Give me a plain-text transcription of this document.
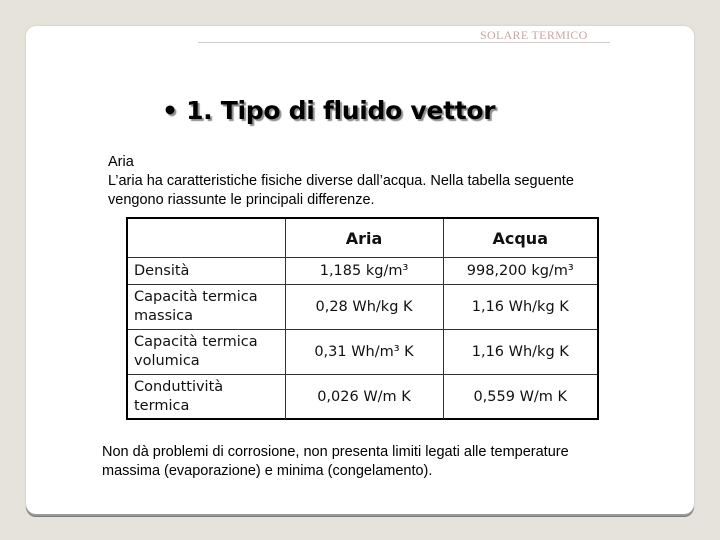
SOLARE TERMICO
• 1. Tipo di fluido vettor
Aria
L’aria ha caratteristiche fisiche diverse dall’acqua. Nella tabella seguente
vengono riassunte le principali differenze.
	Aria	Acqua
Densità	1,185 kg/m³	998,200 kg/m³
Capacità termica
massica	0,28 Wh/kg K	1,16 Wh/kg K
Capacità termica
volumica	0,31 Wh/m³ K	1,16 Wh/kg K
Conduttività
termica	0,026 W/m K	0,559 W/m K
Non dà problemi di corrosione, non presenta limiti legati alle temperature
massima (evaporazione) e minima (congelamento).
